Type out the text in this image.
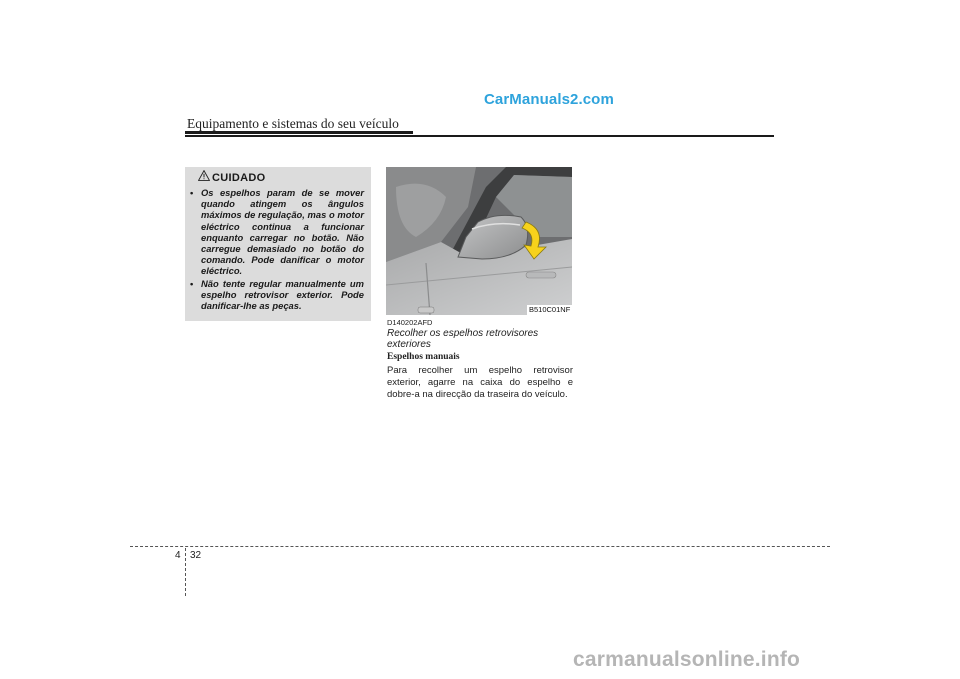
CarManuals2.com
Equipamento e sistemas do seu veículo
CUIDADO
• Os espelhos param de se mover quando atingem os ângulos máximos de regulação, mas o motor eléctrico continua a funcionar enquanto carregar no botão. Não carregue demasiado no botão do comando. Pode danificar o motor eléctrico.
• Não tente regular manualmente um espelho retrovisor exterior. Pode danificar-lhe as peças.	B510C01NF
D140202AFD
Recolher os espelhos retrovisores exteriores
Espelhos manuais

Para recolher um espelho retrovisor exterior, agarre na caixa do espelho e dobre-a na direcção da traseira do veículo.

4 32
carmanualsonline.info
